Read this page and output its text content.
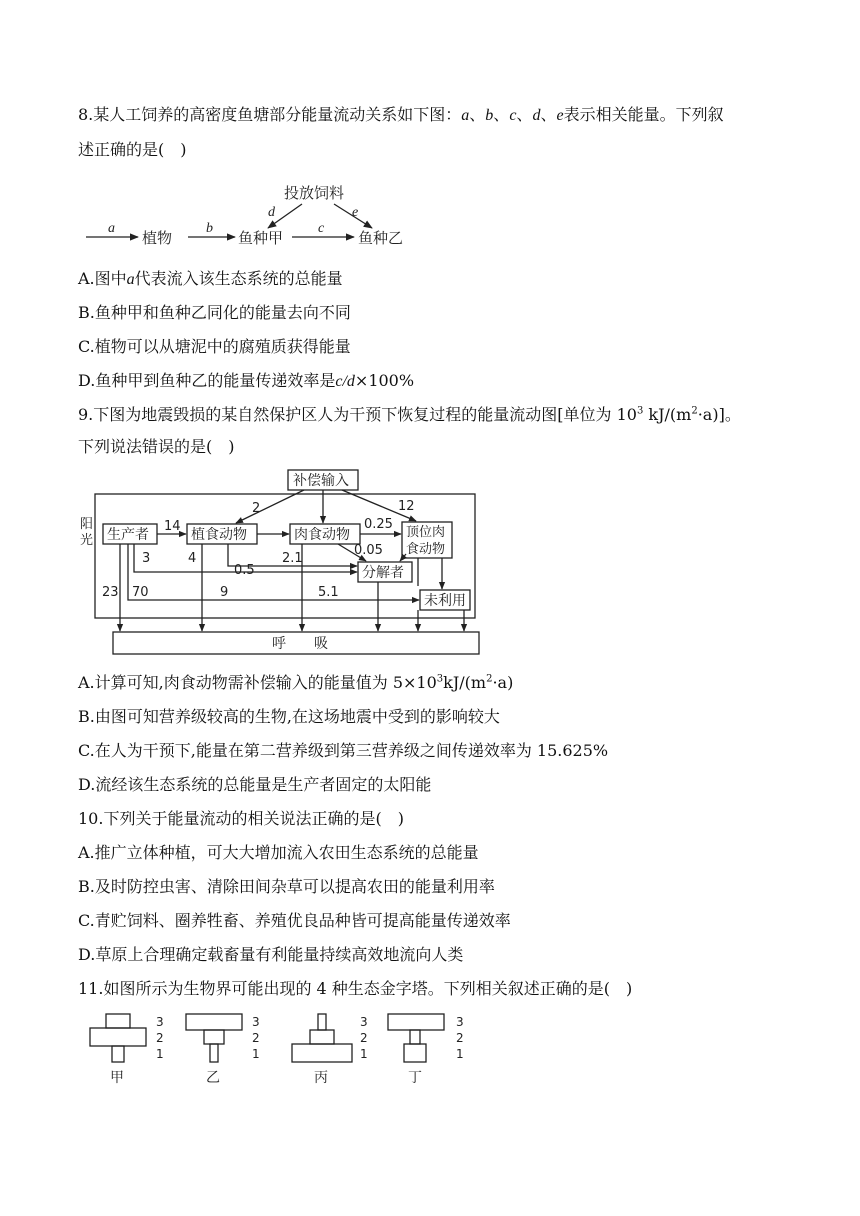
8.某人工饲养的高密度鱼塘部分能量流动关系如下图：a、b、c、d、e表示相关能量。下列叙
述正确的是(　)
投放饲料
植物	鱼种甲	鱼种乙
a	b	c
d	e
A.图中a代表流入该生态系统的总能量
B.鱼种甲和鱼种乙同化的能量去向不同
C.植物可以从塘泥中的腐殖质获得能量
D.鱼种甲到鱼种乙的能量传递效率是c/d×100%
9.下图为地震毁损的某自然保护区人为干预下恢复过程的能量流动图[单位为 $10^3$ $kJ/(m^2\cdot a)$]。
下列说法错误的是(　)
补偿输入
阳
光 生产者	植食动物	肉食动物	顶位肉
食动物
分解者
未利用
呼 吸
14
2
0.25
12
3	4
0.5
2.1
0.05
23 70	9	5.1
A.计算可知,肉食动物需补偿输入的能量值为 $5\times 10^3kJ/(m^2\cdot a)$
B.由图可知营养级较高的生物,在这场地震中受到的影响较大
C.在人为干预下,能量在第二营养级到第三营养级之间传递效率为 15.625%
D.流经该生态系统的总能量是生产者固定的太阳能
10.下列关于能量流动的相关说法正确的是(　)
A.推广立体种植，可大大增加流入农田生态系统的总能量
B.及时防控虫害、清除田间杂草可以提高农田的能量利用率
C.青贮饲料、圈养牲畜、养殖优良品种皆可提高能量传递效率
D.草原上合理确定载畜量有利能量持续高效地流向人类
11.如图所示为生物界可能出现的 4 种生态金字塔。下列相关叙述正确的是(　)
3
2
1
甲
3
2
1
乙
3
2
1
丙
3
2
1
丁
